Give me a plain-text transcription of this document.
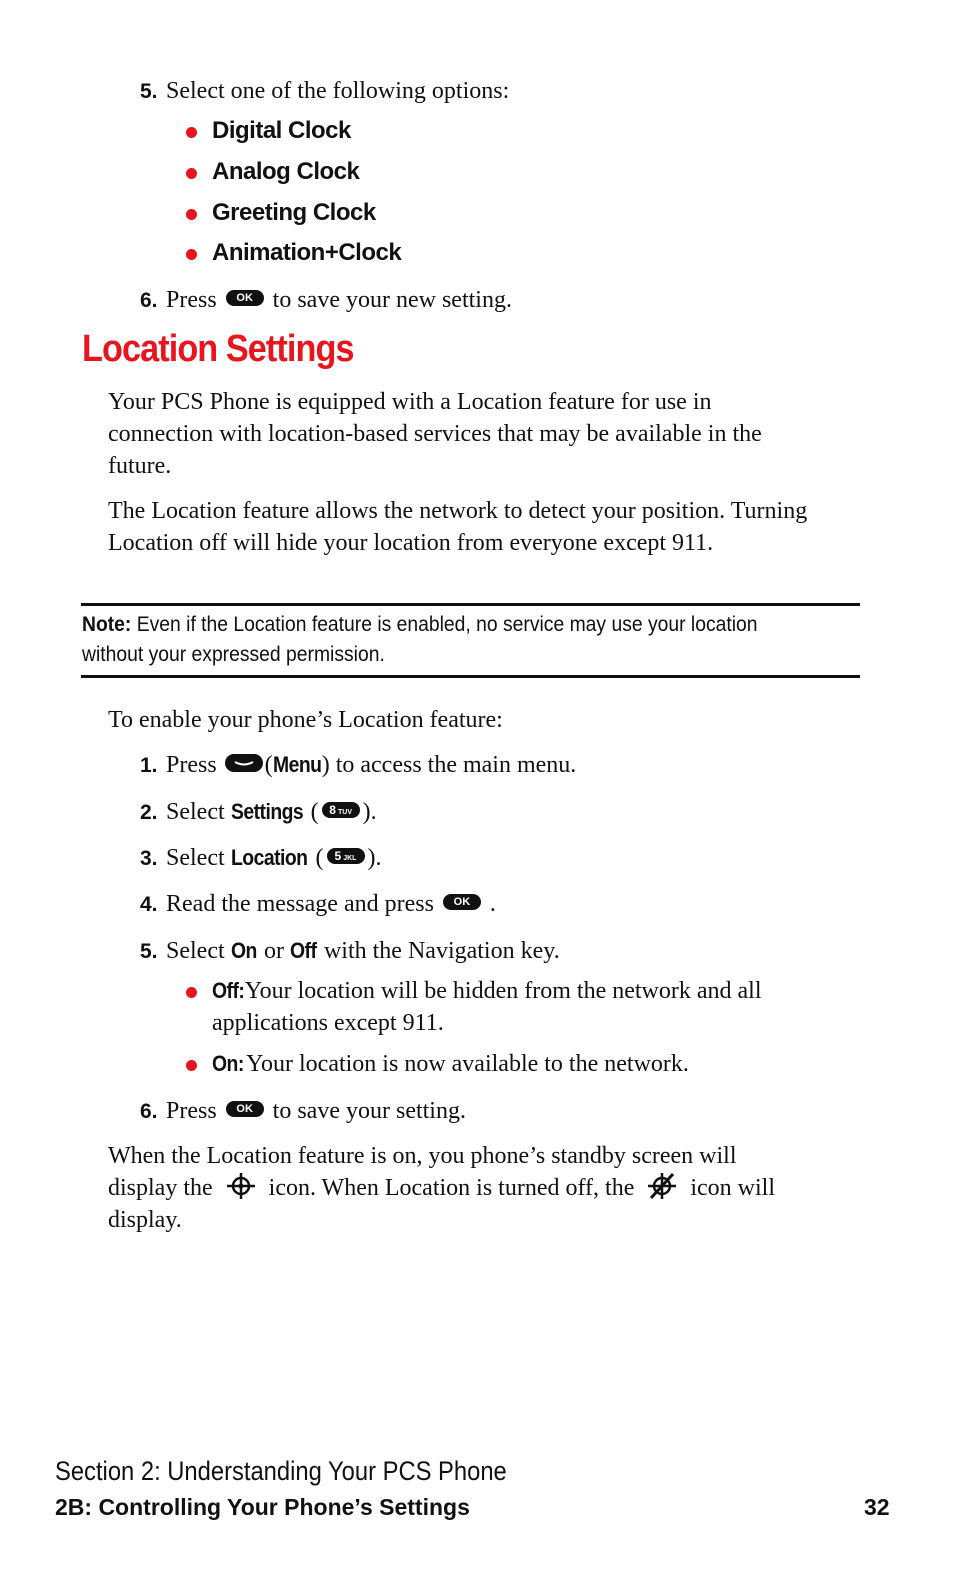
5. Select one of the following options:
Digital Clock
Analog Clock
Greeting Clock
Animation+Clock
6. Press OK to save your new setting.
Location Settings
Your PCS Phone is equipped with a Location feature for use in connection with location-based services that may be available in the future.
The Location feature allows the network to detect your position. Turning Location off will hide your location from everyone except 911.
Note: Even if the Location feature is enabled, no service may use your location without your expressed permission.
To enable your phone’s Location feature:
1. Press (Menu) to access the main menu.
2. Select Settings ( 8 TUV ).
3. Select Location ( 5 JKL ).
4. Read the message and press OK .
5. Select On or Off with the Navigation key.
Off:Your location will be hidden from the network and all
applications except 911.
On:Your location is now available to the network.
6. Press OK to save your setting.
When the Location feature is on, you phone’s standby screen will
display the icon. When Location is turned off, the icon will
display.
Section 2: Understanding Your PCS Phone
2B: Controlling Your Phone’s Settings	32
